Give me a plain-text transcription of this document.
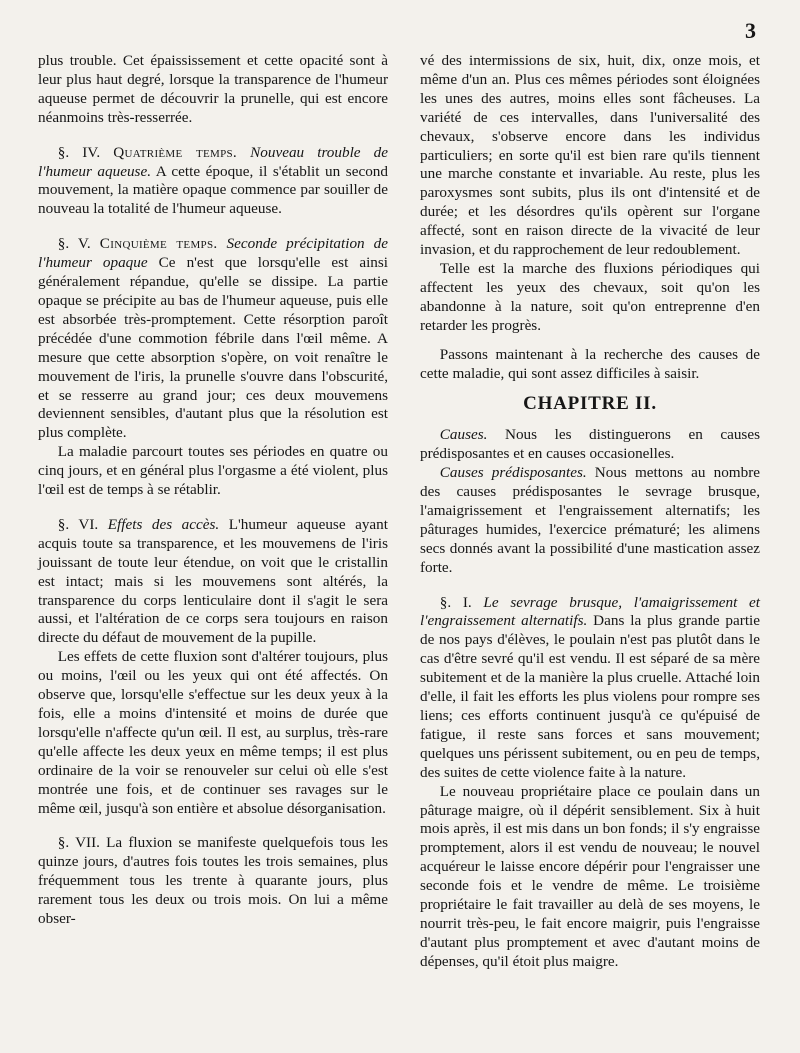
3

plus trouble. Cet épaississement et cette opacité sont à leur plus haut degré, lorsque la transparence de l'humeur aqueuse permet de découvrir la prunelle, qui est encore néanmoins très-resserrée.

§. IV. Quatrième temps. Nouveau trouble de l'humeur aqueuse. A cette époque, il s'établit un second mouvement, la matière opaque commence par souiller de nouveau la totalité de l'humeur aqueuse.

§. V. Cinquième temps. Seconde précipitation de l'humeur opaque Ce n'est que lorsqu'elle est ainsi généralement répandue, qu'elle se dissipe. La partie opaque se précipite au bas de l'humeur aqueuse, puis elle est absorbée très-promptement. Cette résorption paroît précédée d'une commotion fébrile dans l'œil même. A mesure que cette absorption s'opère, on voit renaître le mouvement de l'iris, la prunelle s'ouvre dans l'obscurité, et se resserre au grand jour; ces deux mouvemens deviennent sensibles, d'autant plus que la résolution est plus complète.

La maladie parcourt toutes ses périodes en quatre ou cinq jours, et en général plus l'orgasme a été violent, plus l'œil est de temps à se rétablir.

§. VI. Effets des accès. L'humeur aqueuse ayant acquis toute sa transparence, et les mouvemens de l'iris jouissant de toute leur étendue, on voit que le cristallin est intact; mais si les mouvemens sont altérés, la transparence du corps lenticulaire dont il s'agit le sera aussi, et l'altération de ce corps sera toujours en raison directe du défaut de mouvement de la pupille.

Les effets de cette fluxion sont d'altérer toujours, plus ou moins, l'œil ou les yeux qui ont été affectés. On observe que, lorsqu'elle s'effectue sur les deux yeux à la fois, elle a moins d'intensité et moins de durée que lorsqu'elle n'affecte qu'un œil. Il est, au surplus, très-rare qu'elle affecte les deux yeux en même temps; il est plus ordinaire de la voir se renouveler sur celui où elle s'est montrée une fois, et de continuer ses ravages sur le même œil, jusqu'à son entière et absolue désorganisation.

§. VII. La fluxion se manifeste quelquefois tous les quinze jours, d'autres fois toutes les trois semaines, plus fréquemment tous les trente à quarante jours, plus rarement tous les deux ou trois mois. On lui a même obser-

vé des intermissions de six, huit, dix, onze mois, et même d'un an. Plus ces mêmes périodes sont éloignées les unes des autres, moins elles sont fâcheuses. La variété de ces intervalles, dans l'universalité des chevaux, s'observe encore dans les individus particuliers; en sorte qu'il est bien rare qu'ils tiennent une marche constante et invariable. Au reste, plus les paroxysmes sont subits, plus ils ont d'intensité et de durée; et les désordres qu'ils opèrent sur l'organe affecté, sont en raison directe de la vivacité de leur invasion, et du rapprochement de leur redoublement.

Telle est la marche des fluxions périodiques qui affectent les yeux des chevaux, soit qu'on les abandonne à la nature, soit qu'on entreprenne d'en retarder les progrès.

Passons maintenant à la recherche des causes de cette maladie, qui sont assez difficiles à saisir.

CHAPITRE II.

Causes. Nous les distinguerons en causes prédisposantes et en causes occasionelles.

Causes prédisposantes. Nous mettons au nombre des causes prédisposantes le sevrage brusque, l'amaigrissement et l'engraissement alternatifs; les pâturages humides, l'exercice prématuré; les alimens secs donnés avant la possibilité d'une mastication assez forte.

§. I. Le sevrage brusque, l'amaigrissement et l'engraissement alternatifs. Dans la plus grande partie de nos pays d'élèves, le poulain n'est pas plutôt dans le cas d'être sevré qu'il est vendu. Il est séparé de sa mère subitement et de la manière la plus cruelle. Attaché loin d'elle, il fait les efforts les plus violens pour rompre ses liens; ces efforts continuent jusqu'à ce qu'épuisé de fatigue, il reste sans forces et sans mouvement; quelques uns périssent subitement, ou en peu de temps, des suites de cette violence faite à la nature.

Le nouveau propriétaire place ce poulain dans un pâturage maigre, où il dépérit sensiblement. Six à huit mois après, il est mis dans un bon fonds; il s'y engraisse promptement, alors il est vendu de nouveau; le nouvel acquéreur le laisse encore dépérir pour l'engraisser une seconde fois et le vendre de même. Le troisième propriétaire le fait travailler au delà de ses moyens, le nourrit très-peu, le fait encore maigrir, puis l'engraisse d'autant plus promptement et avec d'autant moins de dépenses, qu'il étoit plus maigre.
